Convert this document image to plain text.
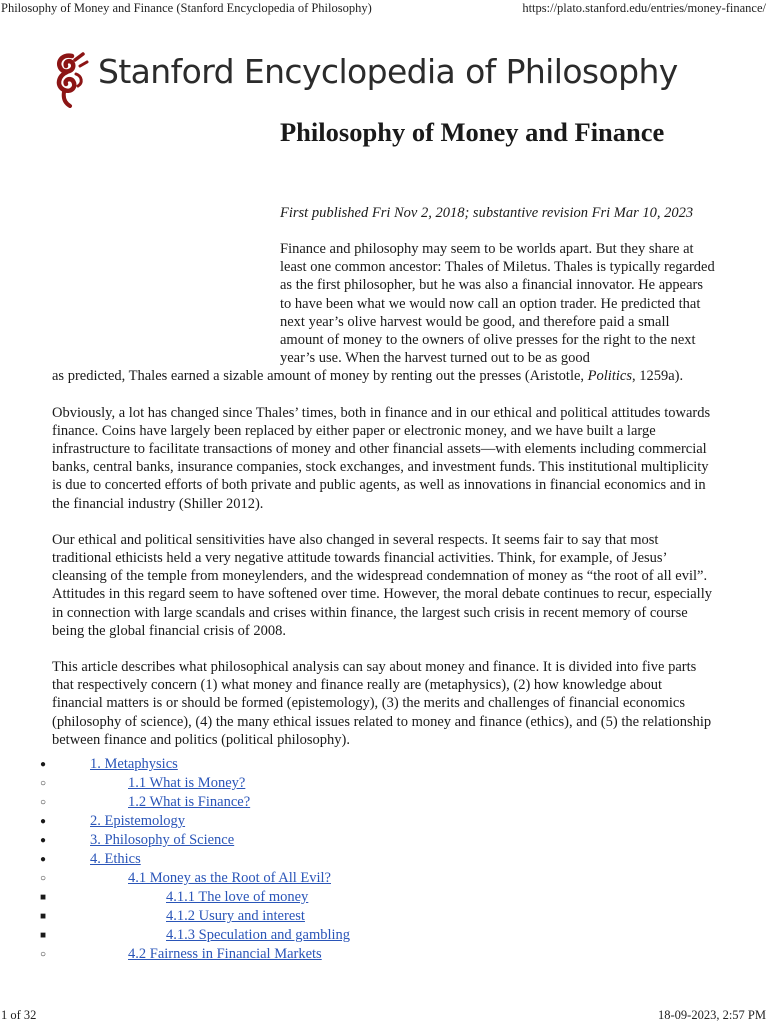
Philosophy of Money and Finance (Stanford Encyclopedia of Philosophy)	https://plato.stanford.edu/entries/money-finance/
Stanford Encyclopedia of Philosophy
Philosophy of Money and Finance

First published Fri Nov 2, 2018; substantive revision Fri Mar 10, 2023

Finance and philosophy may seem to be worlds apart. But they share at least one common ancestor: Thales of Miletus. Thales is typically regarded as the first philosopher, but he was also a financial innovator. He appears to have been what we would now call an option trader. He predicted that next year’s olive harvest would be good, and therefore paid a small amount of money to the owners of olive presses for the right to the next year’s use. When the harvest turned out to be as good

as predicted, Thales earned a sizable amount of money by renting out the presses (Aristotle, Politics, 1259a).

Obviously, a lot has changed since Thales’ times, both in finance and in our ethical and political attitudes towards finance. Coins have largely been replaced by either paper or electronic money, and we have built a large infrastructure to facilitate transactions of money and other financial assets—with elements including commercial banks, central banks, insurance companies, stock exchanges, and investment funds. This institutional multiplicity is due to concerted efforts of both private and public agents, as well as innovations in financial economics and in the financial industry (Shiller 2012).

Our ethical and political sensitivities have also changed in several respects. It seems fair to say that most traditional ethicists held a very negative attitude towards financial activities. Think, for example, of Jesus’ cleansing of the temple from moneylenders, and the widespread condemnation of money as “the root of all evil”. Attitudes in this regard seem to have softened over time. However, the moral debate continues to recur, especially in connection with large scandals and crises within finance, the largest such crisis in recent memory of course being the global financial crisis of 2008.

This article describes what philosophical analysis can say about money and finance. It is divided into five parts that respectively concern (1) what money and finance really are (metaphysics), (2) how knowledge about financial matters is or should be formed (epistemology), (3) the merits and challenges of financial economics (philosophy of science), (4) the many ethical issues related to money and finance (ethics), and (5) the relationship between finance and politics (political philosophy).

●	1. Metaphysics
○	1.1 What is Money?
○	1.2 What is Finance?
●	2. Epistemology
●	3. Philosophy of Science
●	4. Ethics
○	4.1 Money as the Root of All Evil?
■	4.1.1 The love of money
■	4.1.2 Usury and interest
■	4.1.3 Speculation and gambling
○	4.2 Fairness in Financial Markets
1 of 32	18-09-2023, 2:57 PM
